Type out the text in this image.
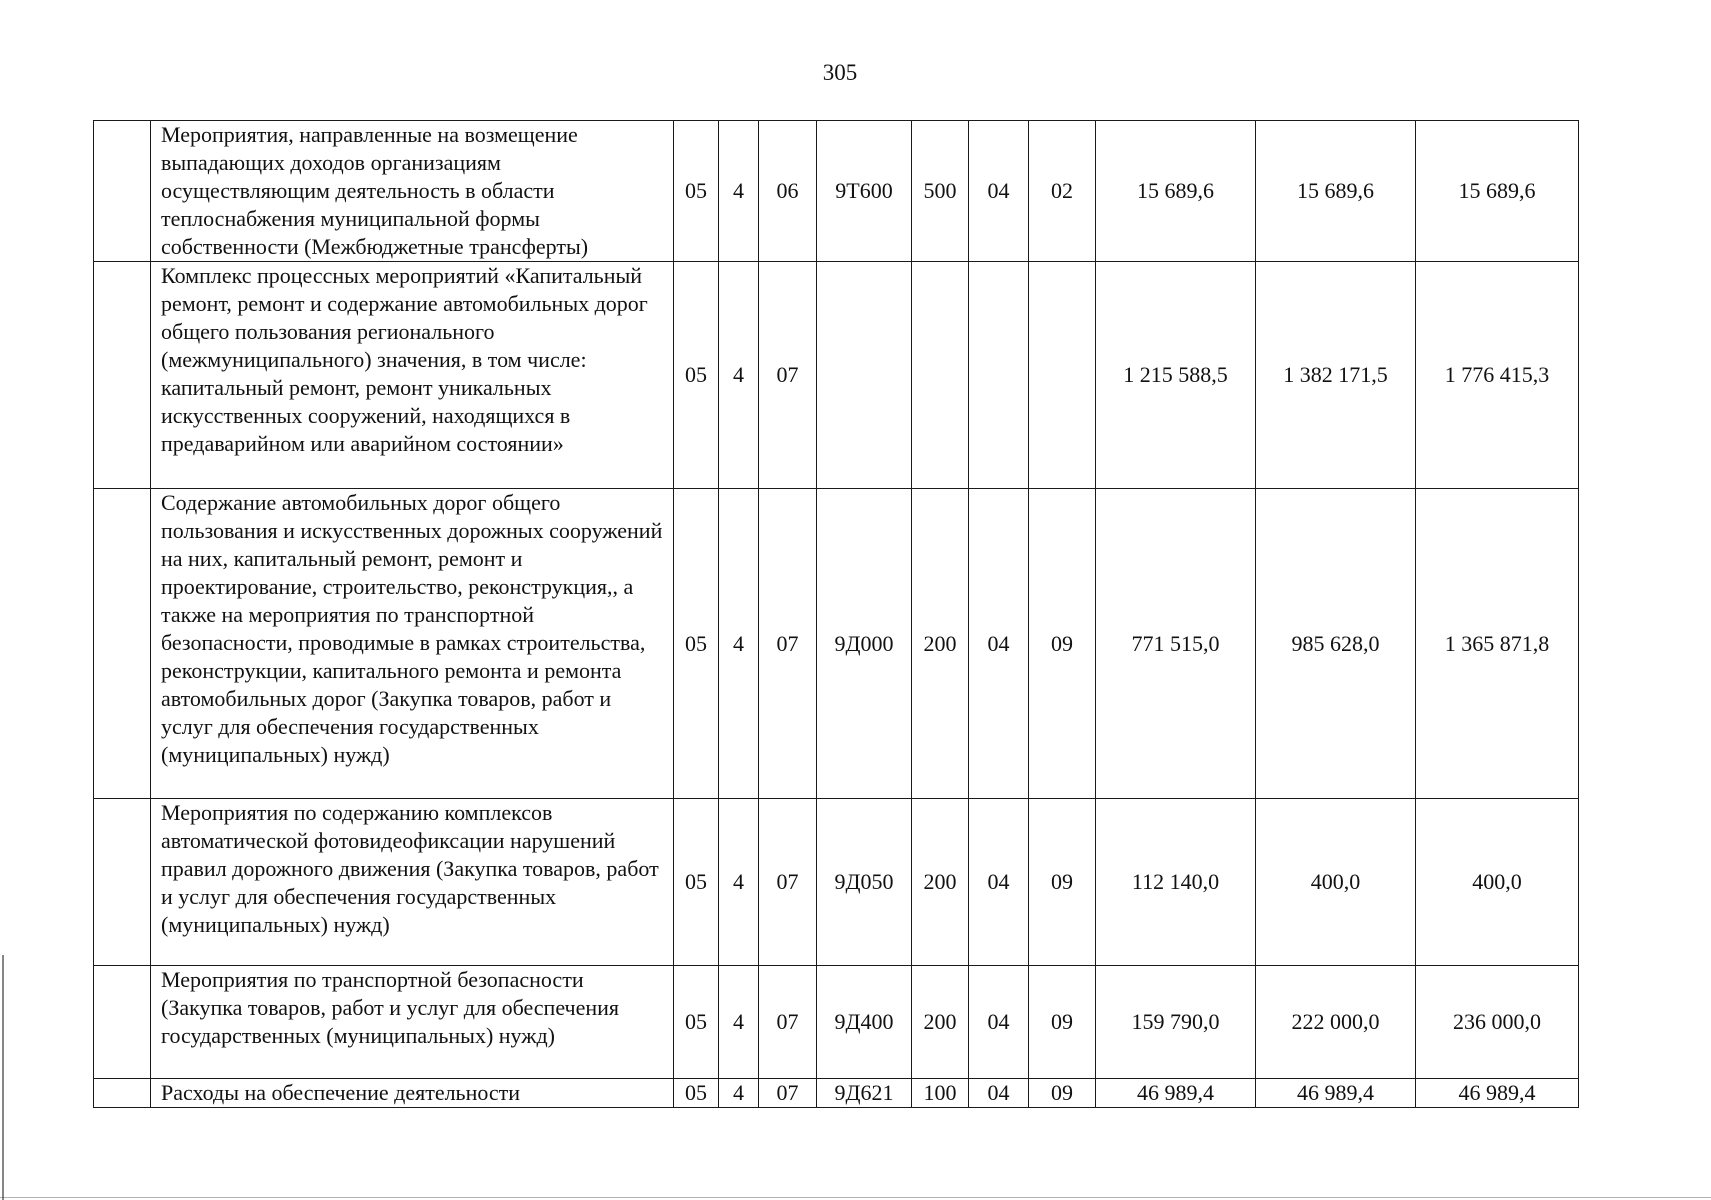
305
	Мероприятия, направленные на возмещение выпадающих доходов организациям осуществляющим деятельность в области теплоснабжения муниципальной формы собственности (Межбюджетные трансферты)	05	4	06	9Т600	500	04	02	15 689,6	15 689,6	15 689,6
	Комплекс процессных мероприятий «Капитальный ремонт, ремонт и содержание автомобильных дорог общего пользования регионального (межмуниципального) значения, в том числе: капитальный ремонт, ремонт уникальных искусственных сооружений, находящихся в предаварийном или аварийном состоянии»	05	4	07					1 215 588,5	1 382 171,5	1 776 415,3
	Содержание автомобильных дорог общего пользования и искусственных дорожных сооружений на них, капитальный ремонт, ремонт и проектирование, строительство, реконструкция,, а также на мероприятия по транспортной безопасности, проводимые в рамках строительства, реконструкции, капитального ремонта и ремонта автомобильных дорог (Закупка товаров, работ и услуг для обеспечения государственных (муниципальных) нужд)	05	4	07	9Д000	200	04	09	771 515,0	985 628,0	1 365 871,8
	Мероприятия по содержанию комплексов автоматической фотовидеофиксации нарушений правил дорожного движения (Закупка товаров, работ и услуг для обеспечения государственных (муниципальных) нужд)	05	4	07	9Д050	200	04	09	112 140,0	400,0	400,0
	Мероприятия по транспортной безопасности (Закупка товаров, работ и услуг для обеспечения государственных (муниципальных) нужд)	05	4	07	9Д400	200	04	09	159 790,0	222 000,0	236 000,0
	Расходы на обеспечение деятельности	05	4	07	9Д621	100	04	09	46 989,4	46 989,4	46 989,4
